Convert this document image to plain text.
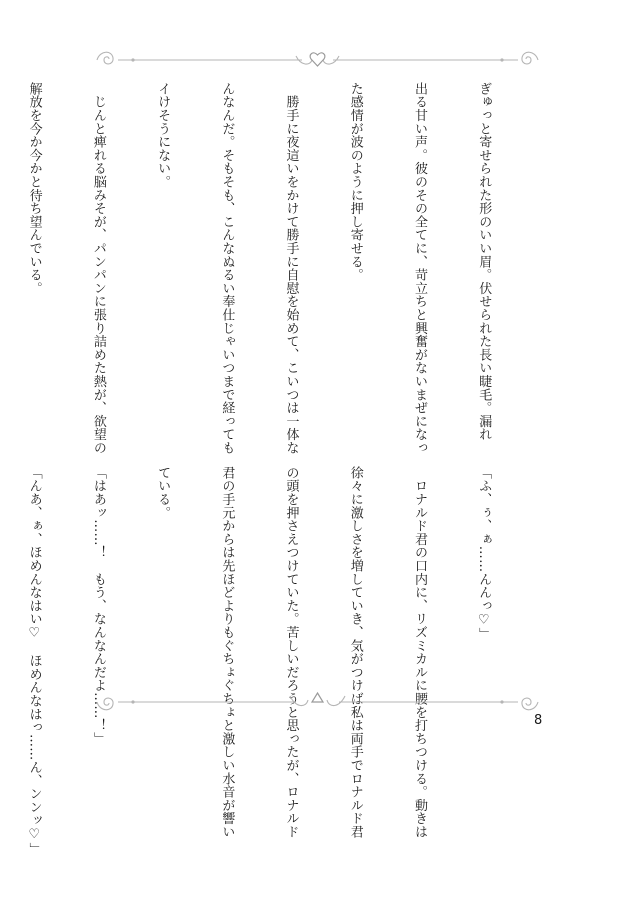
ぎゅっと寄せられた形のいい眉。伏せられた長い睫毛。漏れ

出る甘い声。彼のその全てに、苛立ちと興奮がないまぜになっ

た感情が波のように押し寄せる。

　勝手に夜這いをかけて勝手に自慰を始めて、こいつは一体な

んなんだ。そもそも、こんなぬるい奉仕じゃいつまで経っても

イけそうにない。

　じんと痺れる脳みそが、パンパンに張り詰めた熱が、欲望の

解放を今か今かと待ち望んでいる。

「ふ、ぅ、ぁ……んんっ♡」

　ロナルド君の口内に、リズミカルに腰を打ちつける。動きは

徐々に激しさを増していき、気がつけば私は両手でロナルド君

の頭を押さえつけていた。苦しいだろうと思ったが、ロナルド

君の手元からは先ほどよりもぐちょぐちょと激しい水音が響い

ている。

「はあッ……！　もう、なんなんだよ……！」

「んあ、ぁ、ほめんなはい♡　ほめんなはっ……ん、ンンッ♡」

	8
